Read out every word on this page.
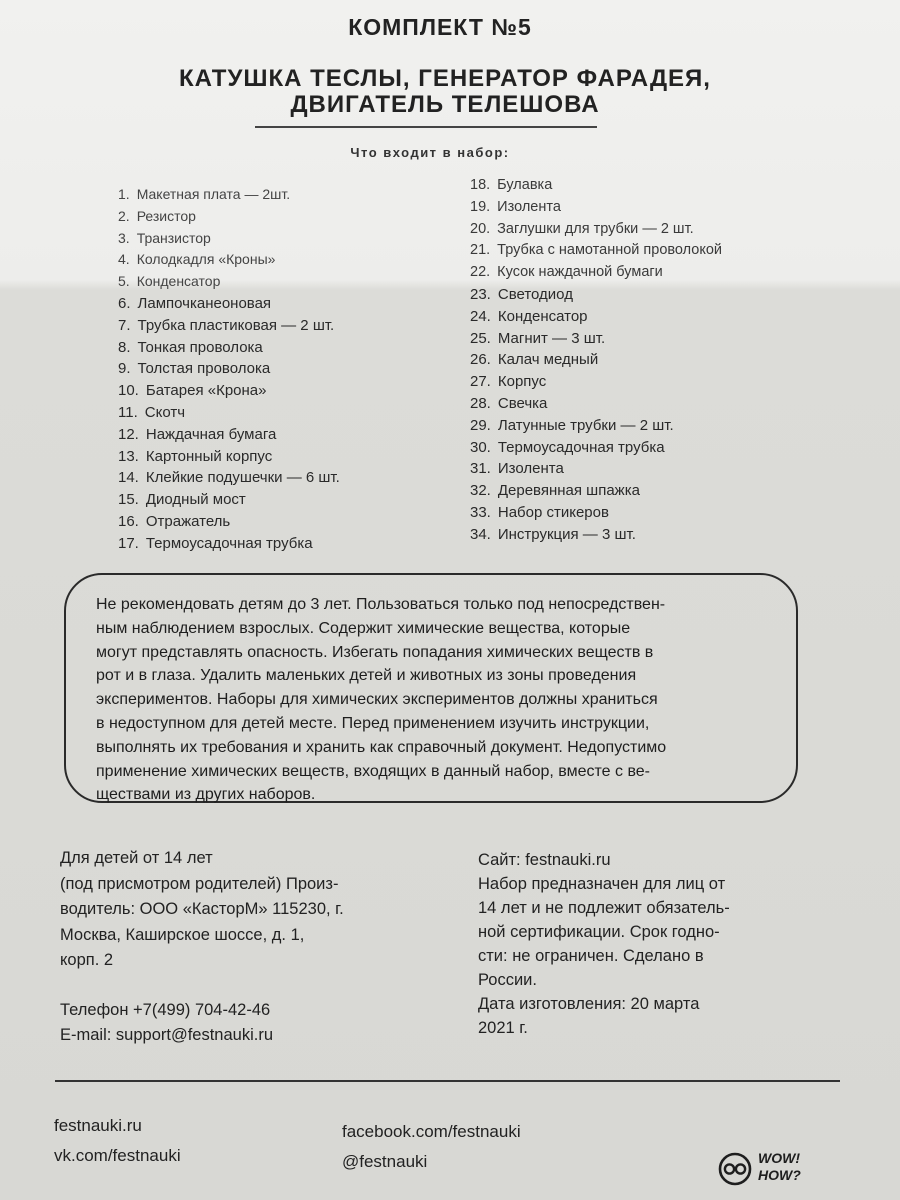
КОМПЛЕКТ №5
КАТУШКА ТЕСЛЫ, ГЕНЕРАТОР ФАРАДЕЯ,
ДВИГАТЕЛЬ ТЕЛЕШОВА
Что входит в набор:
1. Макетная плата — 2шт.
2. Резистор
3. Транзистор
4. Колодкадля «Кроны»
5. Конденсатор
6. Лампочканеоновая
7. Трубка пластиковая — 2 шт.
8. Тонкая проволока
9. Толстая проволока
10. Батарея «Крона»
11. Скотч
12. Наждачная бумага
13. Картонный корпус
14. Клейкие подушечки — 6 шт.
15. Диодный мост
16. Отражатель
17. Термоусадочная трубка
18. Булавка
19. Изолента
20. Заглушки для трубки — 2 шт.
21. Трубка с намотанной проволокой
22. Кусок наждачной бумаги
23. Светодиод
24. Конденсатор
25. Магнит — 3 шт.
26. Калач медный
27. Корпус
28. Свечка
29. Латунные трубки — 2 шт.
30. Термоусадочная трубка
31. Изолента
32. Деревянная шпажка
33. Набор стикеров
34. Инструкция — 3 шт.
Не рекомендовать детям до 3 лет. Пользоваться только под непосредствен-
ным наблюдением взрослых. Содержит химические вещества, которые
могут представлять опасность. Избегать попадания химических веществ в
рот и в глаза. Удалить маленьких детей и животных из зоны проведения
экспериментов. Наборы для химических экспериментов должны храниться
в недоступном для детей месте. Перед применением изучить инструкции,
выполнять их требования и хранить как справочный документ. Недопустимо
применение химических веществ, входящих в данный набор, вместе с ве-
ществами из других наборов.
Для детей от 14 лет
(под присмотром родителей) Произ-
водитель: ООО «КасторМ» 115230, г.
Москва, Каширское шоссе, д. 1,
корп. 2
Телефон +7(499) 704-42-46
E-mail: support@festnauki.ru
Сайт: festnauki.ru
Набор предназначен для лиц от
14 лет и не подлежит обязатель-
ной сертификации. Срок годно-
сти: не ограничен. Сделано в
России.
Дата изготовления: 20 марта
2021 г.
festnauki.ru
vk.com/festnauki
facebook.com/festnauki
@festnauki	WOW!
HOW?
